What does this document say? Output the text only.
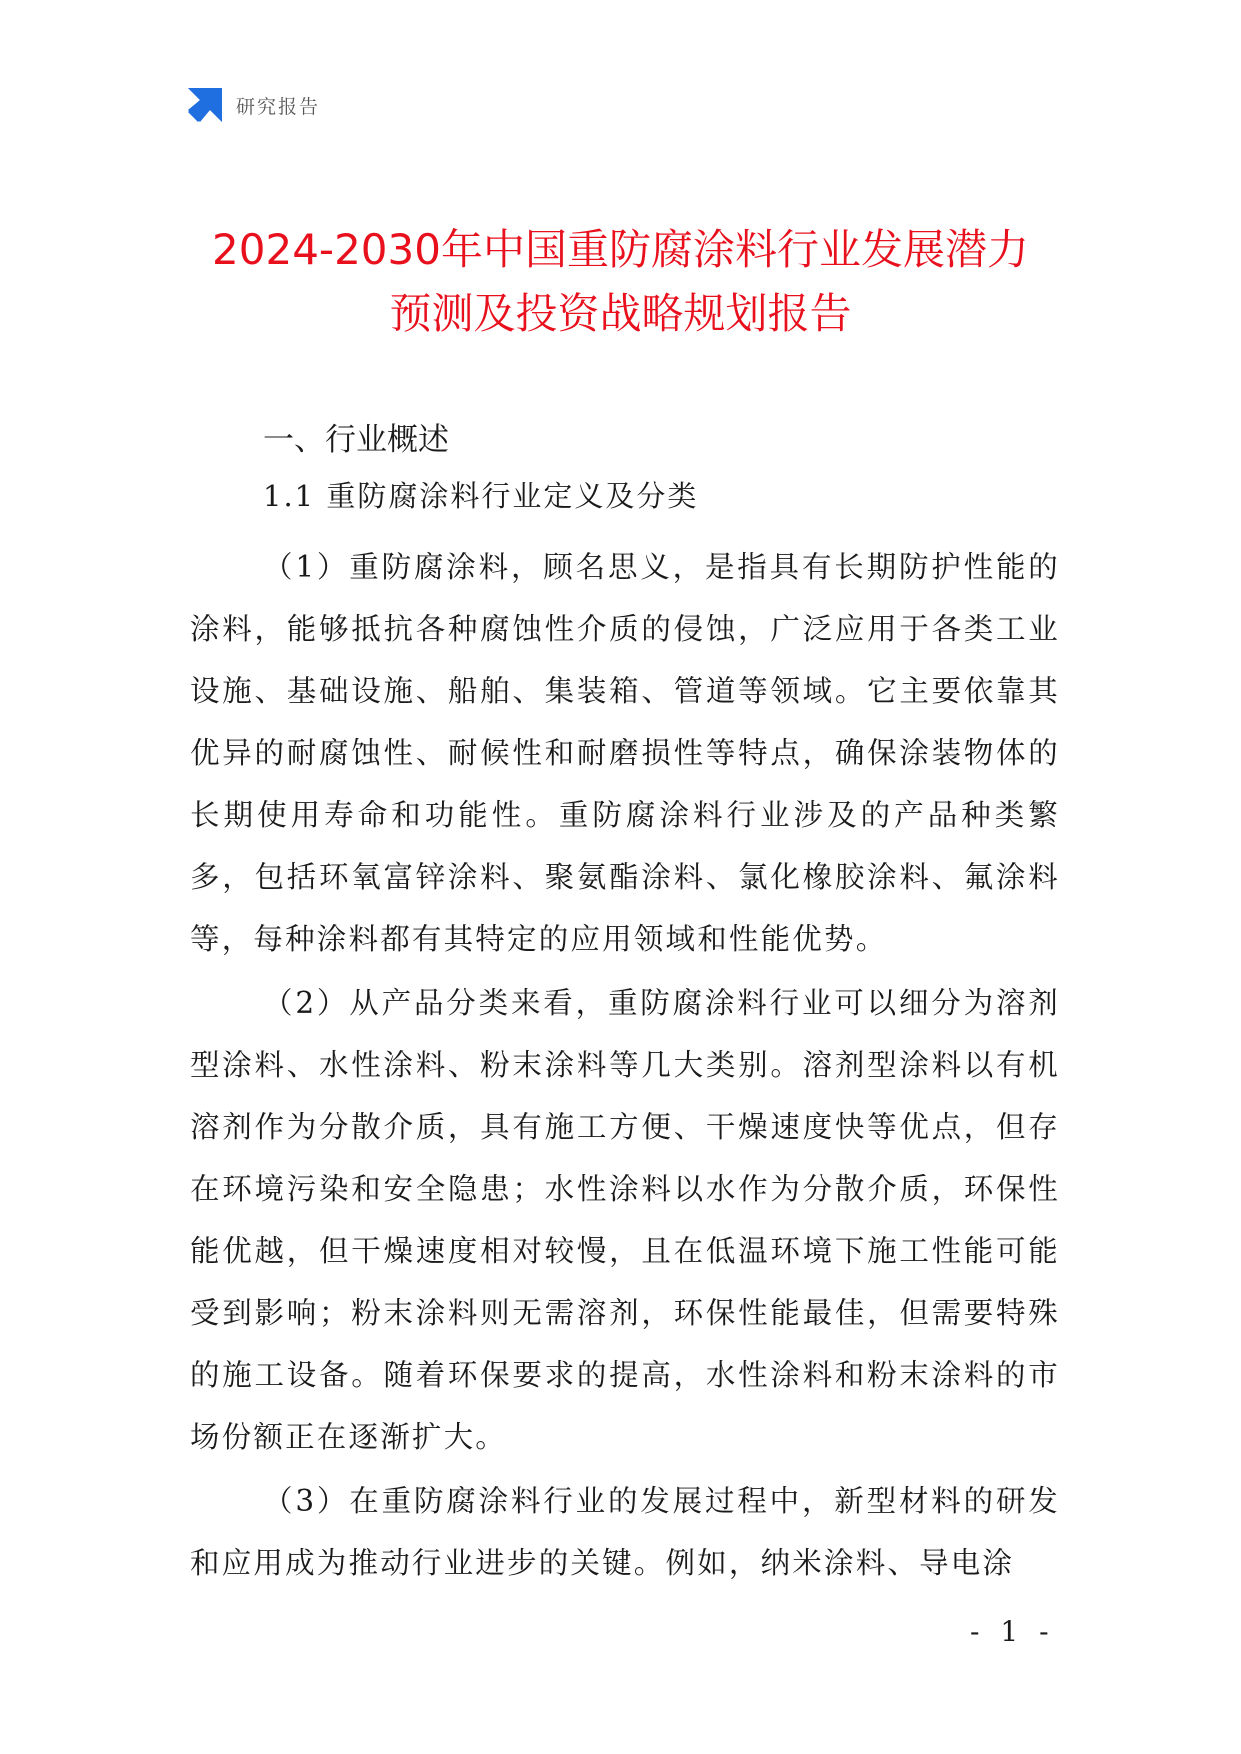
研究报告
2024-2030年中国重防腐涂料行业发展潜力
预测及投资战略规划报告
一、行业概述
1.1 重防腐涂料行业定义及分类

（1）重防腐涂料，顾名思义，是指具有长期防护性能的涂料，能够抵抗各种腐蚀性介质的侵蚀，广泛应用于各类工业设施、基础设施、船舶、集装箱、管道等领域。它主要依靠其优异的耐腐蚀性、耐候性和耐磨损性等特点，确保涂装物体的长期使用寿命和功能性。重防腐涂料行业涉及的产品种类繁多，包括环氧富锌涂料、聚氨酯涂料、氯化橡胶涂料、氟涂料等，每种涂料都有其特定的应用领域和性能优势。

（2）从产品分类来看，重防腐涂料行业可以细分为溶剂型涂料、水性涂料、粉末涂料等几大类别。溶剂型涂料以有机溶剂作为分散介质，具有施工方便、干燥速度快等优点，但存在环境污染和安全隐患；水性涂料以水作为分散介质，环保性能优越，但干燥速度相对较慢，且在低温环境下施工性能可能受到影响；粉末涂料则无需溶剂，环保性能最佳，但需要特殊的施工设备。随着环保要求的提高，水性涂料和粉末涂料的市场份额正在逐渐扩大。

（3）在重防腐涂料行业的发展过程中，新型材料的研发和应用成为推动行业进步的关键。例如，纳米涂料、导电涂

- 1 -
